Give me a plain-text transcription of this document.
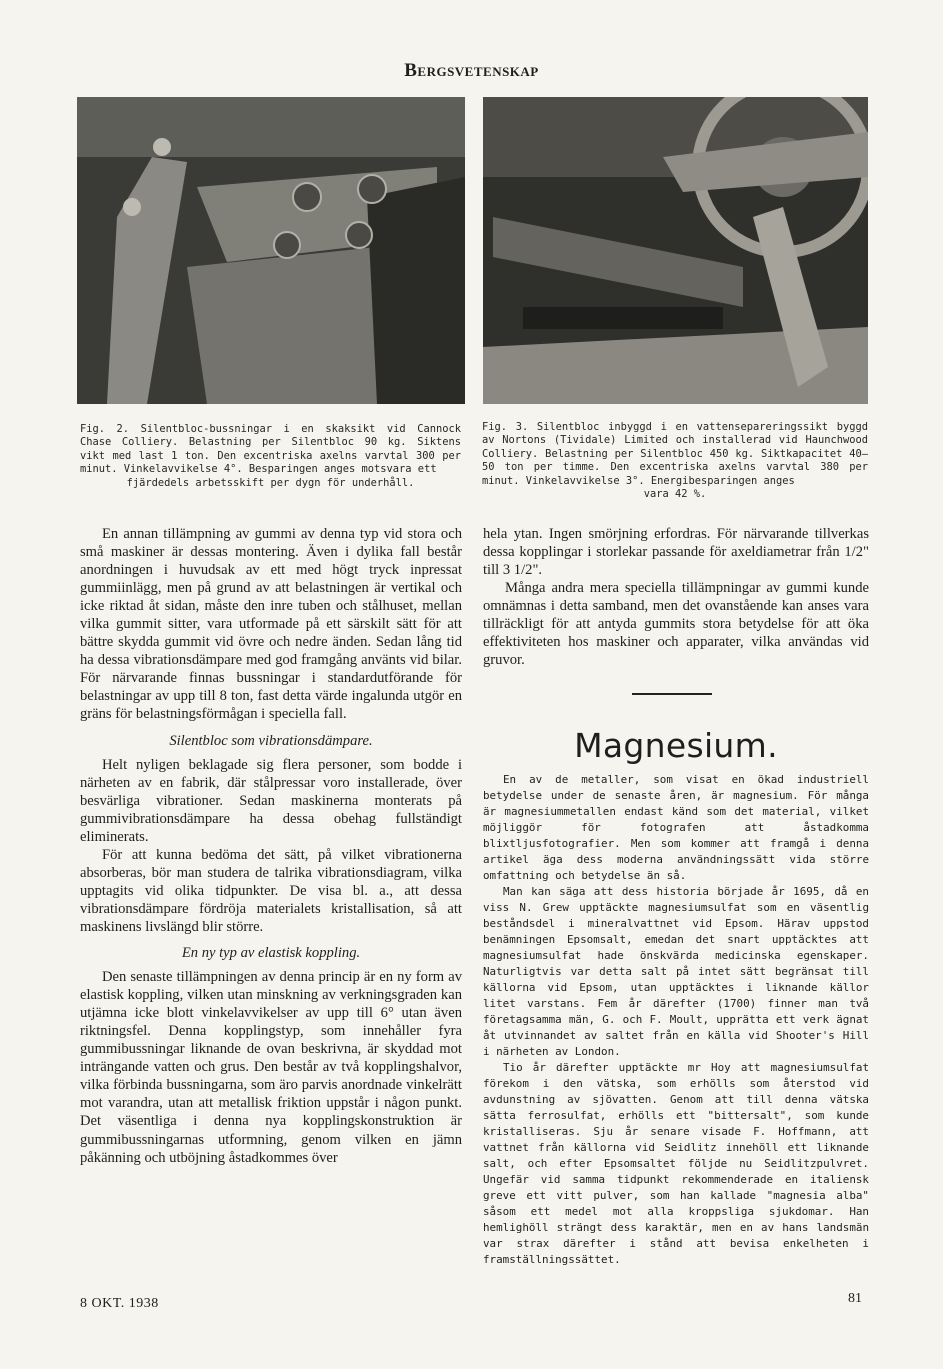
Bergsvetenskap
Fig. 2. Silentbloc-bussningar i en skaksikt vid Cannock Chase Colliery. Belastning per Silentbloc 90 kg. Siktens vikt med last 1 ton. Den excentriska axelns varvtal 300 per minut. Vinkelavvikelse 4°. Besparingen anges motsvara ett
fjärdedels arbetsskift per dygn för underhåll.
Fig. 3. Silentbloc inbyggd i en vattensepareringssikt byggd av Nortons (Tividale) Limited och installerad vid Haunchwood Colliery. Belastning per Silentbloc 450 kg. Siktkapacitet 40—50 ton per timme. Den excentriska axelns varvtal 380 per minut. Vinkelavvikelse 3°. Energibesparingen anges
vara 42 %.

En annan tillämpning av gummi av denna typ vid stora och små maskiner är dessas montering. Även i dylika fall består anordningen i huvudsak av ett med högt tryck inpressat gummiinlägg, men på grund av att belastningen är vertikal och icke riktad åt sidan, måste den inre tuben och stålhuset, mellan vilka gummit sitter, vara utformade på ett särskilt sätt för att bättre skydda gummit vid övre och nedre änden. Sedan lång tid ha dessa vibrationsdämpare med god framgång använts vid bilar. För närvarande finnas bussningar i standardutförande för belastningar av upp till 8 ton, fast detta värde ingalunda utgör en gräns för belastningsförmågan i speciella fall.

Silentbloc som vibrationsdämpare.

Helt nyligen beklagade sig flera personer, som bodde i närheten av en fabrik, där stålpressar voro installerade, över besvärliga vibrationer. Sedan maskinerna monterats på gummivibrationsdämpare ha dessa obehag fullständigt eliminerats.

För att kunna bedöma det sätt, på vilket vibrationerna absorberas, bör man studera de talrika vibrationsdiagram, vilka upptagits vid olika tidpunkter. De visa bl. a., att dessa vibrationsdämpare fördröja materialets kristallisation, så att maskinens livslängd blir större.

En ny typ av elastisk koppling.

Den senaste tillämpningen av denna princip är en ny form av elastisk koppling, vilken utan minskning av verkningsgraden kan utjämna icke blott vinkelavvikelser av upp till 6° utan även riktningsfel. Denna kopplingstyp, som innehåller fyra gummibussningar liknande de ovan beskrivna, är skyddad mot inträngande vatten och grus. Den består av två kopplingshalvor, vilka förbinda bussningarna, som äro parvis anordnade vinkelrätt mot varandra, utan att metallisk friktion uppstår i någon punkt. Det väsentliga i denna nya kopplingskonstruktion är gummibussningarnas utformning, genom vilken en jämn påkänning och utböjning åstadkommes över

hela ytan. Ingen smörjning erfordras. För närvarande tillverkas dessa kopplingar i storlekar passande för axeldiametrar från 1/2" till 3 1/2".

Många andra mera speciella tillämpningar av gummi kunde omnämnas i detta samband, men det ovanstående kan anses vara tillräckligt för att antyda gummits stora betydelse för att öka effektiviteten hos maskiner och apparater, vilka användas vid gruvor.

Magnesium.

En av de metaller, som visat en ökad industriell betydelse under de senaste åren, är magnesium. För många är magnesiummetallen endast känd som det material, vilket möjliggör för fotografen att åstadkomma blixtljusfotografier. Men som kommer att framgå i denna artikel äga dess moderna användningssätt vida större omfattning och betydelse än så.

Man kan säga att dess historia började år 1695, då en viss N. Grew upptäckte magnesiumsulfat som en väsentlig beståndsdel i mineralvattnet vid Epsom. Härav uppstod benämningen Epsomsalt, emedan det snart upptäcktes att magnesiumsulfat hade önskvärda medicinska egenskaper. Naturligtvis var detta salt på intet sätt begränsat till källorna vid Epsom, utan upptäcktes i liknande källor litet varstans. Fem år därefter (1700) finner man två företagsamma män, G. och F. Moult, upprätta ett verk ägnat åt utvinnandet av saltet från en källa vid Shooter's Hill i närheten av London.

Tio år därefter upptäckte mr Hoy att magnesiumsulfat förekom i den vätska, som erhölls som återstod vid avdunstning av sjövatten. Genom att till denna vätska sätta ferrosulfat, erhölls ett "bittersalt", som kunde kristalliseras. Sju år senare visade F. Hoffmann, att vattnet från källorna vid Seidlitz innehöll ett liknande salt, och efter Epsomsaltet följde nu Seidlitzpulvret. Ungefär vid samma tidpunkt rekommenderade en italiensk greve ett vitt pulver, som han kallade "magnesia alba" såsom ett medel mot alla kroppsliga sjukdomar. Han hemlighöll strängt dess karaktär, men en av hans landsmän var strax därefter i stånd att bevisa enkelheten i framställningssättet.

8 OKT. 1938	81
